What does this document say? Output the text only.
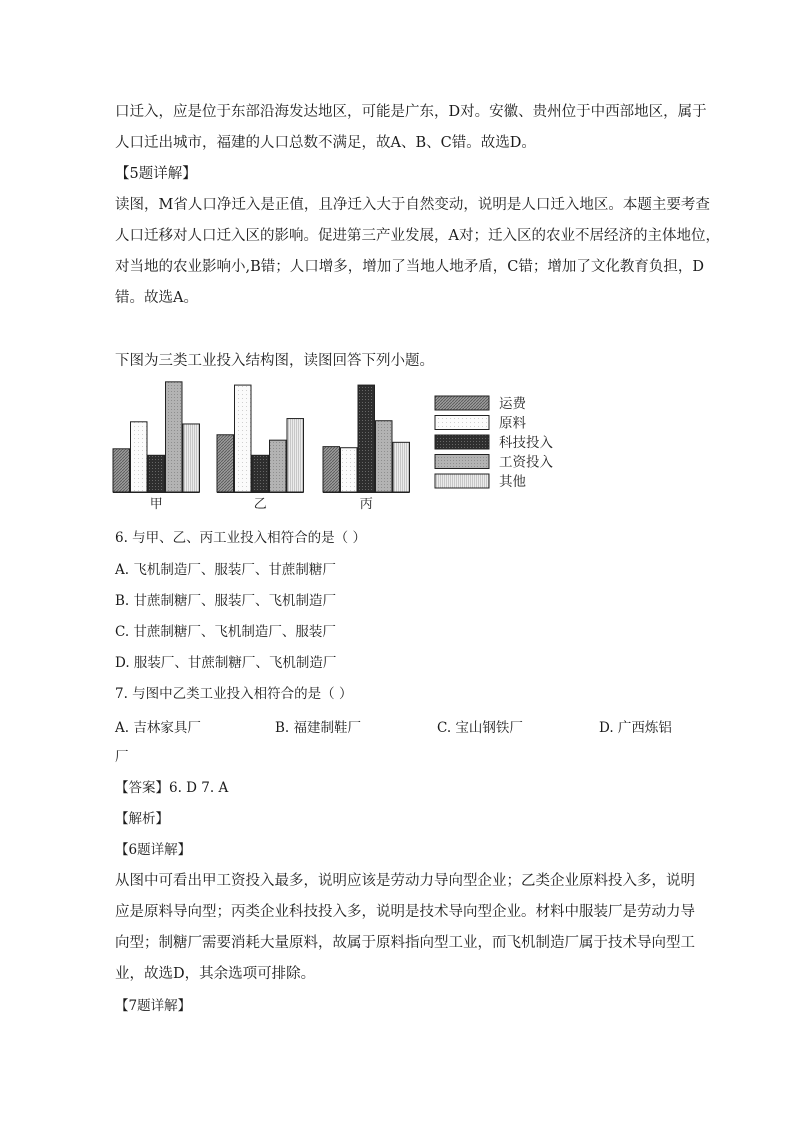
口迁入，应是位于东部沿海发达地区，可能是广东，D对。安徽、贵州位于中西部地区，属于
人口迁出城市，福建的人口总数不满足，故A、B、C错。故选D。
【5题详解】
读图，M省人口净迁入是正值，且净迁入大于自然变动，说明是人口迁入地区。本题主要考查
人口迁移对人口迁入区的影响。促进第三产业发展，A对；迁入区的农业不居经济的主体地位，
对当地的农业影响小,B错；人口增多，增加了当地人地矛盾，C错；增加了文化教育负担，D
错。故选A。
下图为三类工业投入结构图，读图回答下列小题。
甲	乙	丙
运费
原料
科技投入
工资投入
其他
6. 与甲、乙、丙工业投入相符合的是（ ）
A. 飞机制造厂、服装厂、甘蔗制糖厂
B. 甘蔗制糖厂、服装厂、飞机制造厂
C. 甘蔗制糖厂、飞机制造厂、服装厂
D. 服装厂、甘蔗制糖厂、飞机制造厂
7. 与图中乙类工业投入相符合的是（ ）
A. 吉林家具厂	B. 福建制鞋厂	C. 宝山钢铁厂	D. 广西炼铝
厂
【答案】6. D 7. A
【解析】
【6题详解】
从图中可看出甲工资投入最多，说明应该是劳动力导向型企业；乙类企业原料投入多，说明
应是原料导向型；丙类企业科技投入多，说明是技术导向型企业。材料中服装厂是劳动力导
向型；制糖厂需要消耗大量原料，故属于原料指向型工业，而飞机制造厂属于技术导向型工
业，故选D，其余选项可排除。
【7题详解】
